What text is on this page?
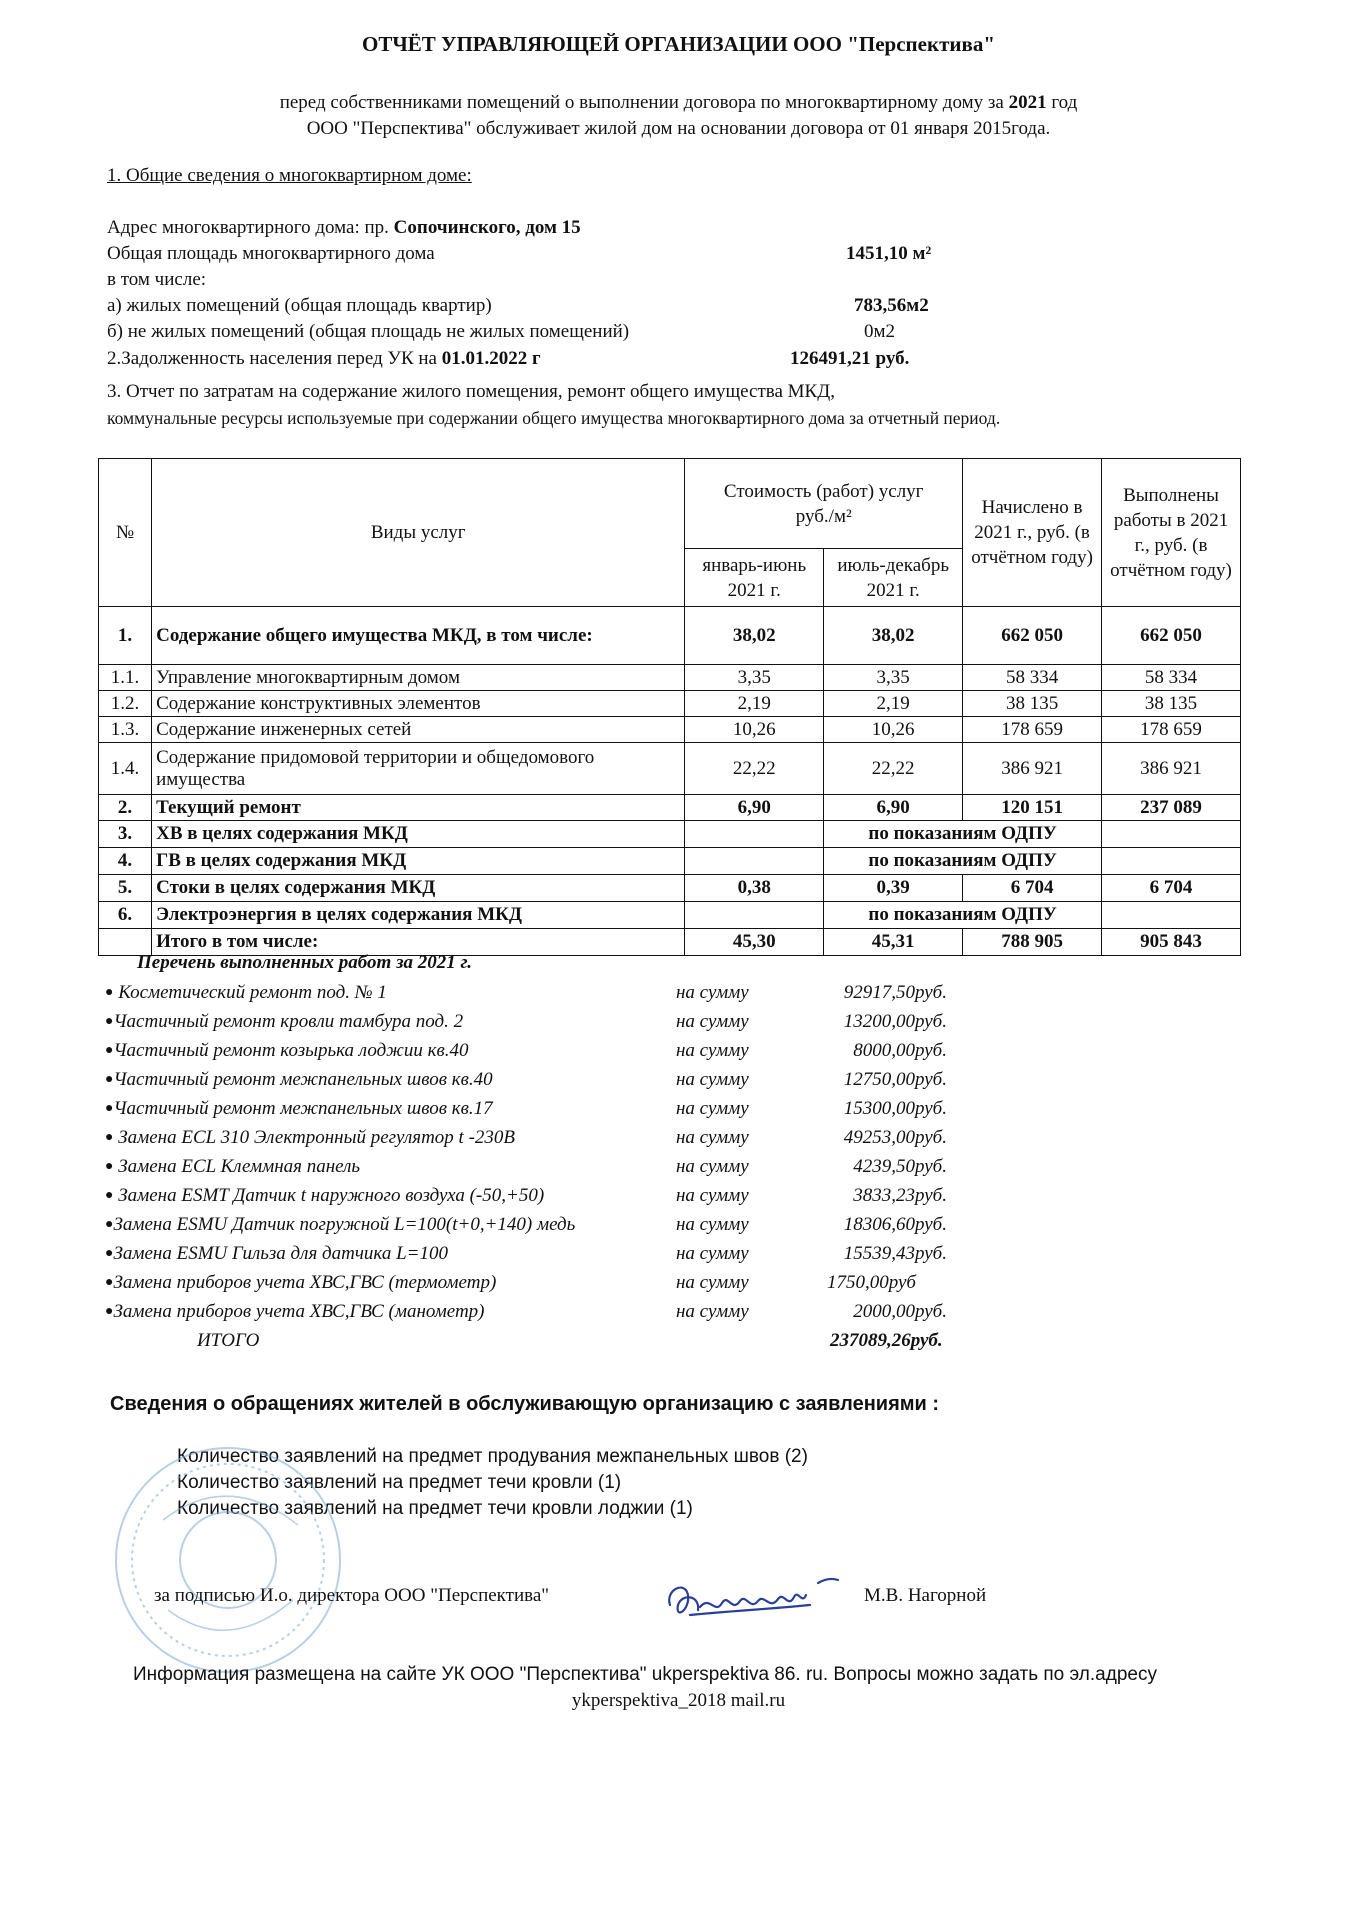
ОТЧЁТ УПРАВЛЯЮЩЕЙ ОРГАНИЗАЦИИ ООО "Перспектива"
перед собственниками помещений о выполнении договора по многоквартирному дому за 2021 год
ООО "Перспектива" обслуживает жилой дом на основании договора от 01 января 2015года.
1. Общие сведения о многоквартирном доме:
Адрес многоквартирного дома: пр. Сопочинского, дом 15
Общая площадь многоквартирного дома	1451,10 м²
в том числе:
а) жилых помещений (общая площадь квартир)	783,56м2
б) не жилых помещений (общая площадь не жилых помещений)	0м2
2.Задолженность населения перед УК на 01.01.2022 г	126491,21 руб.
3. Отчет по затратам на содержание жилого помещения, ремонт общего имущества МКД,
коммунальные ресурсы используемые при содержании общего имущества многоквартирного дома за отчетный период.
№	Виды услуг	Стоимость (работ) услуг руб./м²		Начислено в 2021 г., руб. (в отчётном году)	Выполнены работы в 2021 г., руб. (в отчётном году)
		январь-июнь 2021 г.	июль-декабрь 2021 г.		
1.	Содержание общего имущества МКД, в том числе:	38,02	38,02	662 050	662 050
1.1.	Управление многоквартирным домом	3,35	3,35	58 334	58 334
1.2.	Содержание конструктивных элементов	2,19	2,19	38 135	38 135
1.3.	Содержание инженерных сетей	10,26	10,26	178 659	178 659
1.4.	Содержание придомовой территории и общедомового имущества	22,22	22,22	386 921	386 921
2.	Текущий ремонт	6,90	6,90	120 151	237 089
3.	ХВ в целях содержания МКД		по показаниям ОДПУ		
4.	ГВ в целях содержания МКД		по показаниям ОДПУ		
5.	Стоки в целях содержания МКД	0,38	0,39	6 704	6 704
6.	Электроэнергия в целях содержания МКД		по показаниям ОДПУ		
	Итого в том числе:	45,30	45,31	788 905	905 843
Перечень выполненных работ за 2021 г.
● Косметический ремонт под. № 1	на сумму	92917,50руб.
●Частичный ремонт кровли тамбура под. 2	на сумму	13200,00руб.
●Частичный ремонт козырька лоджии кв.40	на сумму	8000,00руб.
●Частичный ремонт межпанельных швов кв.40	на сумму	12750,00руб.
●Частичный ремонт межпанельных швов кв.17	на сумму	15300,00руб.
● Замена ECL 310 Электронный регулятор t -230В	на сумму	49253,00руб.
● Замена ECL Клеммная панель	на сумму	4239,50руб.
● Замена ESMT Датчик t наружного воздуха (-50,+50)	на сумму	3833,23руб.
●Замена ESMU Датчик погружной L=100(t+0,+140) медь	на сумму	18306,60руб.
●Замена ESMU Гильза для датчика L=100	на сумму	15539,43руб.
●Замена приборов учета ХВС,ГВС (термометр)	на сумму	1750,00руб
●Замена приборов учета ХВС,ГВС (манометр)	на сумму	2000,00руб.
ИТОГО	237089,26руб.
Сведения о обращениях жителей в обслуживающую организацию с заявлениями :
Количество заявлений на предмет продувания межпанельных швов (2)
Количество заявлений на предмет течи кровли (1)
Количество заявлений на предмет течи кровли лоджии (1)
за подписью И.о. директора ООО "Перспектива"	М.В. Нагорной
Информация размещена на сайте УК ООО "Перспектива" ukperspektiva 86. ru. Вопросы можно задать по эл.адресу
ykperspektiva_2018 mail.ru
